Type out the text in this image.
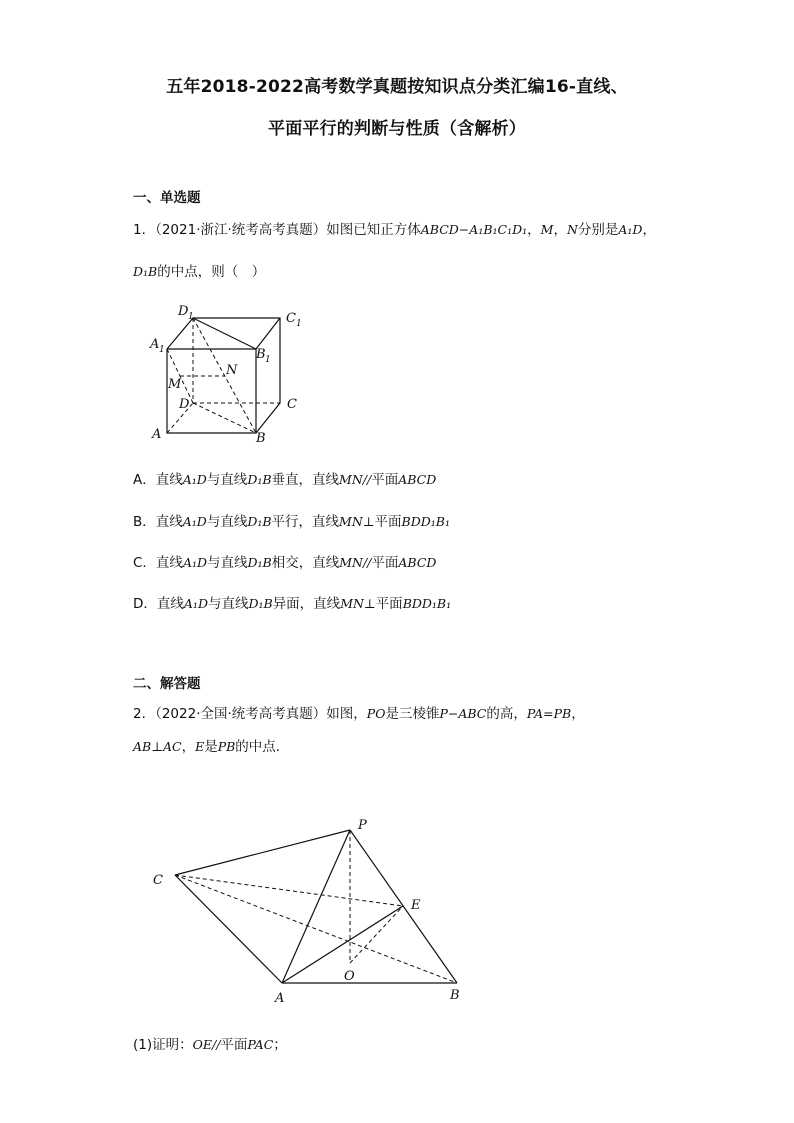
五年2018-2022高考数学真题按知识点分类汇编16-直线、
平面平行的判断与性质（含解析）
一、单选题
1．（2021·浙江·统考高考真题）如图已知正方体ABCD−A₁B₁C₁D₁，M，N分别是A₁D，
D₁B的中点，则（　）
D 1	C 1
A 1	B 1
M
N
D	C
A	B
A．直线A₁D与直线D₁B垂直，直线MN//平面ABCD
B．直线A₁D与直线D₁B平行，直线MN⊥平面BDD₁B₁
C．直线A₁D与直线D₁B相交，直线MN//平面ABCD
D．直线A₁D与直线D₁B异面，直线MN⊥平面BDD₁B₁
二、解答题
2．（2022·全国·统考高考真题）如图，PO是三棱锥P−ABC的高，PA=PB，
AB⊥AC，E是PB的中点．
P
C
E
O
A	B
(1)证明：OE//平面PAC；
